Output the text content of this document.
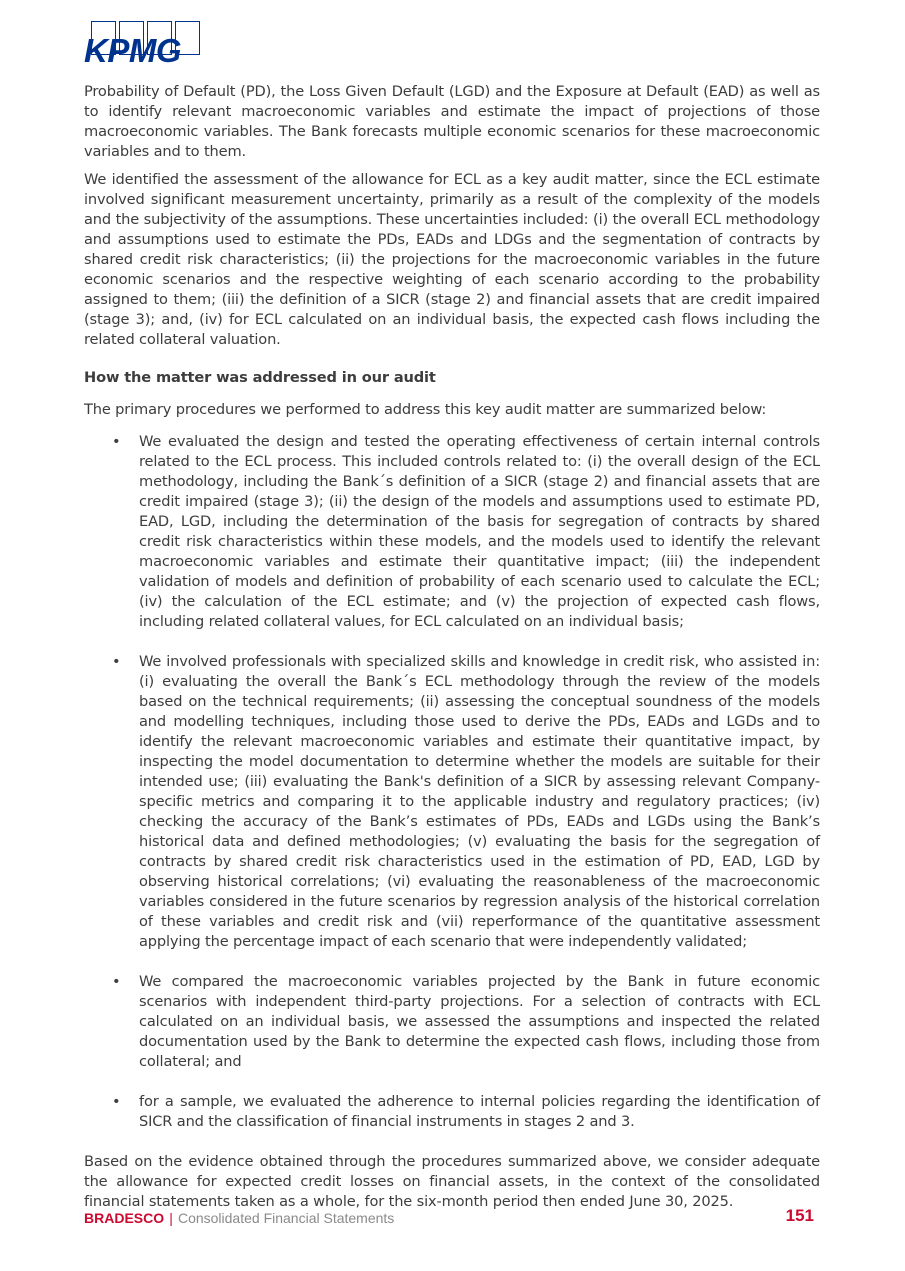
KPMG

Probability of Default (PD), the Loss Given Default (LGD) and the Exposure at Default (EAD) as well as to identify relevant macroeconomic variables and estimate the impact of projections of those macroeconomic variables. The Bank forecasts multiple economic scenarios for these macroeconomic variables and to them.

We identified the assessment of the allowance for ECL as a key audit matter, since the ECL estimate involved significant measurement uncertainty, primarily as a result of the complexity of the models and the subjectivity of the assumptions. These uncertainties included: (i) the overall ECL methodology and assumptions used to estimate the PDs, EADs and LDGs and the segmentation of contracts by shared credit risk characteristics; (ii) the projections for the macroeconomic variables in the future economic scenarios and the respective weighting of each scenario according to the probability assigned to them; (iii) the definition of a SICR (stage 2) and financial assets that are credit impaired (stage 3); and, (iv) for ECL calculated on an individual basis, the expected cash flows including the related collateral valuation.

How the matter was addressed in our audit

The primary procedures we performed to address this key audit matter are summarized below:

• We evaluated the design and tested the operating effectiveness of certain internal controls related to the ECL process. This included controls related to: (i) the overall design of the ECL methodology, including the Bank´s definition of a SICR (stage 2) and financial assets that are credit impaired (stage 3); (ii) the design of the models and assumptions used to estimate PD, EAD, LGD, including the determination of the basis for segregation of contracts by shared credit risk characteristics within these models, and the models used to identify the relevant macroeconomic variables and estimate their quantitative impact; (iii) the independent validation of models and definition of probability of each scenario used to calculate the ECL; (iv) the calculation of the ECL estimate; and (v) the projection of expected cash flows, including related collateral values, for ECL calculated on an individual basis;

• We involved professionals with specialized skills and knowledge in credit risk, who assisted in: (i) evaluating the overall the Bank´s ECL methodology through the review of the models based on the technical requirements; (ii) assessing the conceptual soundness of the models and modelling techniques, including those used to derive the PDs, EADs and LGDs and to identify the relevant macroeconomic variables and estimate their quantitative impact, by inspecting the model documentation to determine whether the models are suitable for their intended use; (iii) evaluating the Bank's definition of a SICR by assessing relevant Company-specific metrics and comparing it to the applicable industry and regulatory practices; (iv) checking the accuracy of the Bank’s estimates of PDs, EADs and LGDs using the Bank’s historical data and defined methodologies; (v) evaluating the basis for the segregation of contracts by shared credit risk characteristics used in the estimation of PD, EAD, LGD by observing historical correlations; (vi) evaluating the reasonableness of the macroeconomic variables considered in the future scenarios by regression analysis of the historical correlation of these variables and credit risk and (vii) reperformance of the quantitative assessment applying the percentage impact of each scenario that were independently validated;

• We compared the macroeconomic variables projected by the Bank in future economic scenarios with independent third-party projections. For a selection of contracts with ECL calculated on an individual basis, we assessed the assumptions and inspected the related documentation used by the Bank to determine the expected cash flows, including those from collateral; and

• for a sample, we evaluated the adherence to internal policies regarding the identification of SICR and the classification of financial instruments in stages 2 and 3.

Based on the evidence obtained through the procedures summarized above, we consider adequate the allowance for expected credit losses on financial assets, in the context of the consolidated financial statements taken as a whole, for the six-month period then ended June 30, 2025.

BRADESCO | Consolidated Financial Statements	151
